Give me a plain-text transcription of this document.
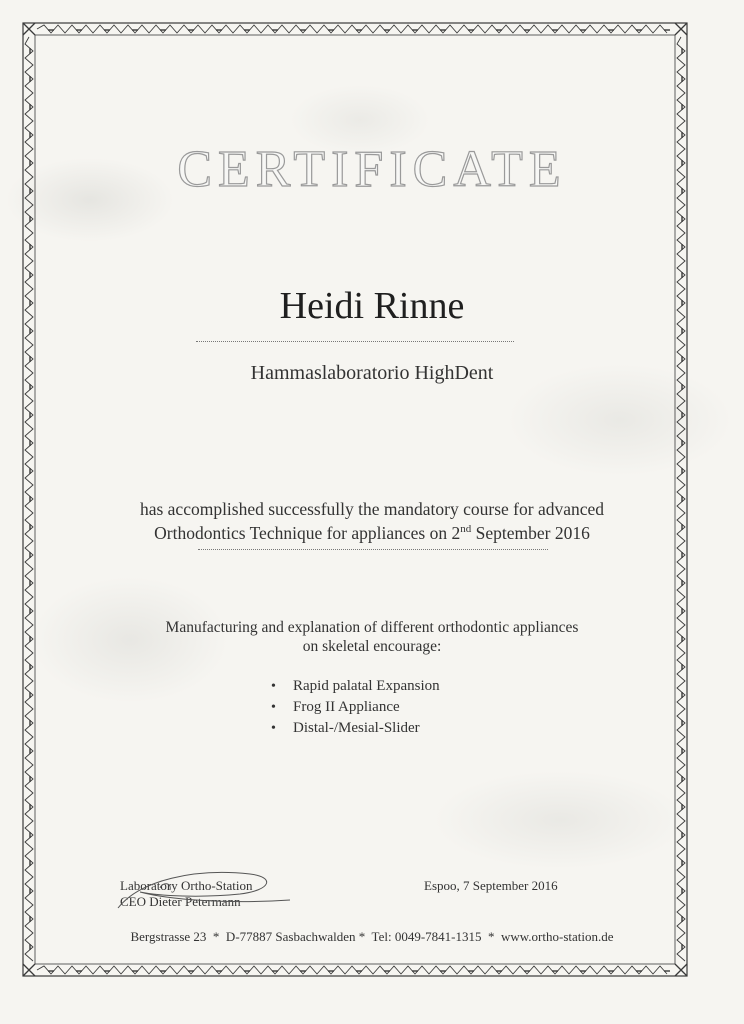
CERTIFICATE
Heidi Rinne
Hammaslaboratorio HighDent
has accomplished successfully the mandatory course for advanced
Orthodontics Technique for appliances on 2nd September 2016
Manufacturing and explanation of different orthodontic appliances
on skeletal encourage:
• Rapid palatal Expansion
• Frog II Appliance
• Distal-/Mesial-Slider
Laboratory Ortho-Station
CEO Dieter Petermann
Espoo, 7 September 2016
Bergstrasse 23  *  D-77887 Sasbachwalden *  Tel: 0049-7841-1315  *  www.ortho-station.de
